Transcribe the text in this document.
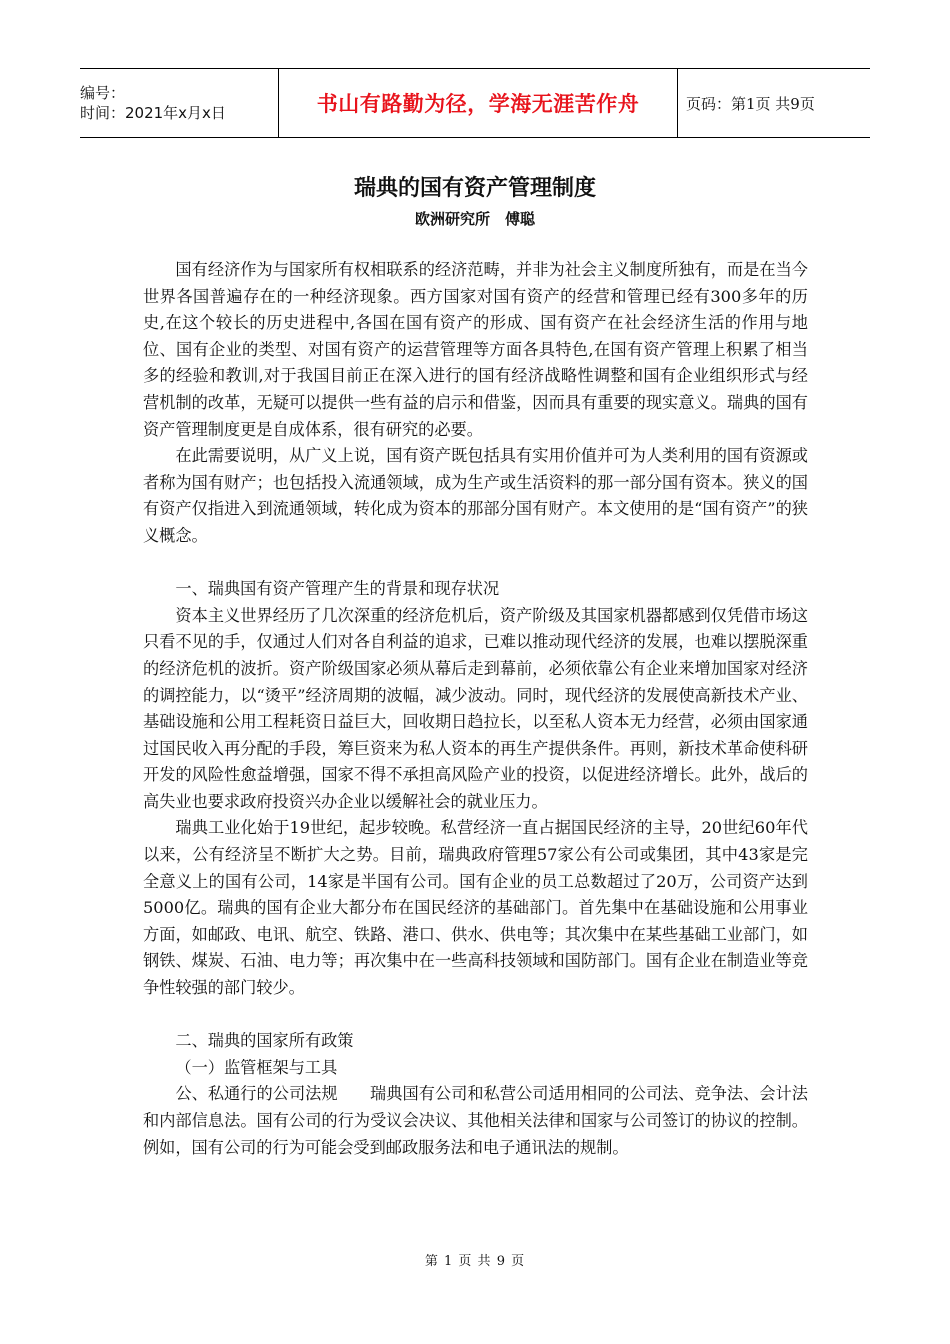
编号：
时间：2021年x月x日	书山有路勤为径，学海无涯苦作舟	页码：第1页 共9页
瑞典的国有资产管理制度
欧洲研究所　傅聪

国有经济作为与国家所有权相联系的经济范畴，并非为社会主义制度所独有，而是在当今世界各国普遍存在的一种经济现象。西方国家对国有资产的经营和管理已经有300多年的历史,在这个较长的历史进程中,各国在国有资产的形成、国有资产在社会经济生活的作用与地位、国有企业的类型、对国有资产的运营管理等方面各具特色,在国有资产管理上积累了相当多的经验和教训,对于我国目前正在深入进行的国有经济战略性调整和国有企业组织形式与经营机制的改革，无疑可以提供一些有益的启示和借鉴，因而具有重要的现实意义。瑞典的国有资产管理制度更是自成体系，很有研究的必要。

在此需要说明，从广义上说，国有资产既包括具有实用价值并可为人类利用的国有资源或者称为国有财产；也包括投入流通领域，成为生产或生活资料的那一部分国有资本。狭义的国有资产仅指进入到流通领域，转化成为资本的那部分国有财产。本文使用的是“国有资产”的狭义概念。

一、瑞典国有资产管理产生的背景和现存状况

资本主义世界经历了几次深重的经济危机后，资产阶级及其国家机器都感到仅凭借市场这只看不见的手，仅通过人们对各自利益的追求，已难以推动现代经济的发展，也难以摆脱深重的经济危机的波折。资产阶级国家必须从幕后走到幕前，必须依靠公有企业来增加国家对经济的调控能力，以“烫平”经济周期的波幅，减少波动。同时，现代经济的发展使高新技术产业、基础设施和公用工程耗资日益巨大，回收期日趋拉长，以至私人资本无力经营，必须由国家通过国民收入再分配的手段，筹巨资来为私人资本的再生产提供条件。再则，新技术革命使科研开发的风险性愈益增强，国家不得不承担高风险产业的投资，以促进经济增长。此外，战后的高失业也要求政府投资兴办企业以缓解社会的就业压力。

瑞典工业化始于19世纪，起步较晚。私营经济一直占据国民经济的主导，20世纪60年代以来，公有经济呈不断扩大之势。目前，瑞典政府管理57家公有公司或集团，其中43家是完全意义上的国有公司，14家是半国有公司。国有企业的员工总数超过了20万，公司资产达到5000亿。瑞典的国有企业大都分布在国民经济的基础部门。首先集中在基础设施和公用事业方面，如邮政、电讯、航空、铁路、港口、供水、供电等；其次集中在某些基础工业部门，如钢铁、煤炭、石油、电力等；再次集中在一些高科技领域和国防部门。国有企业在制造业等竞争性较强的部门较少。

二、瑞典的国家所有政策

（一）监管框架与工具

公、私通行的公司法规　　瑞典国有公司和私营公司适用相同的公司法、竞争法、会计法和内部信息法。国有公司的行为受议会决议、其他相关法律和国家与公司签订的协议的控制。例如，国有公司的行为可能会受到邮政服务法和电子通讯法的规制。

第 1 页 共 9 页
